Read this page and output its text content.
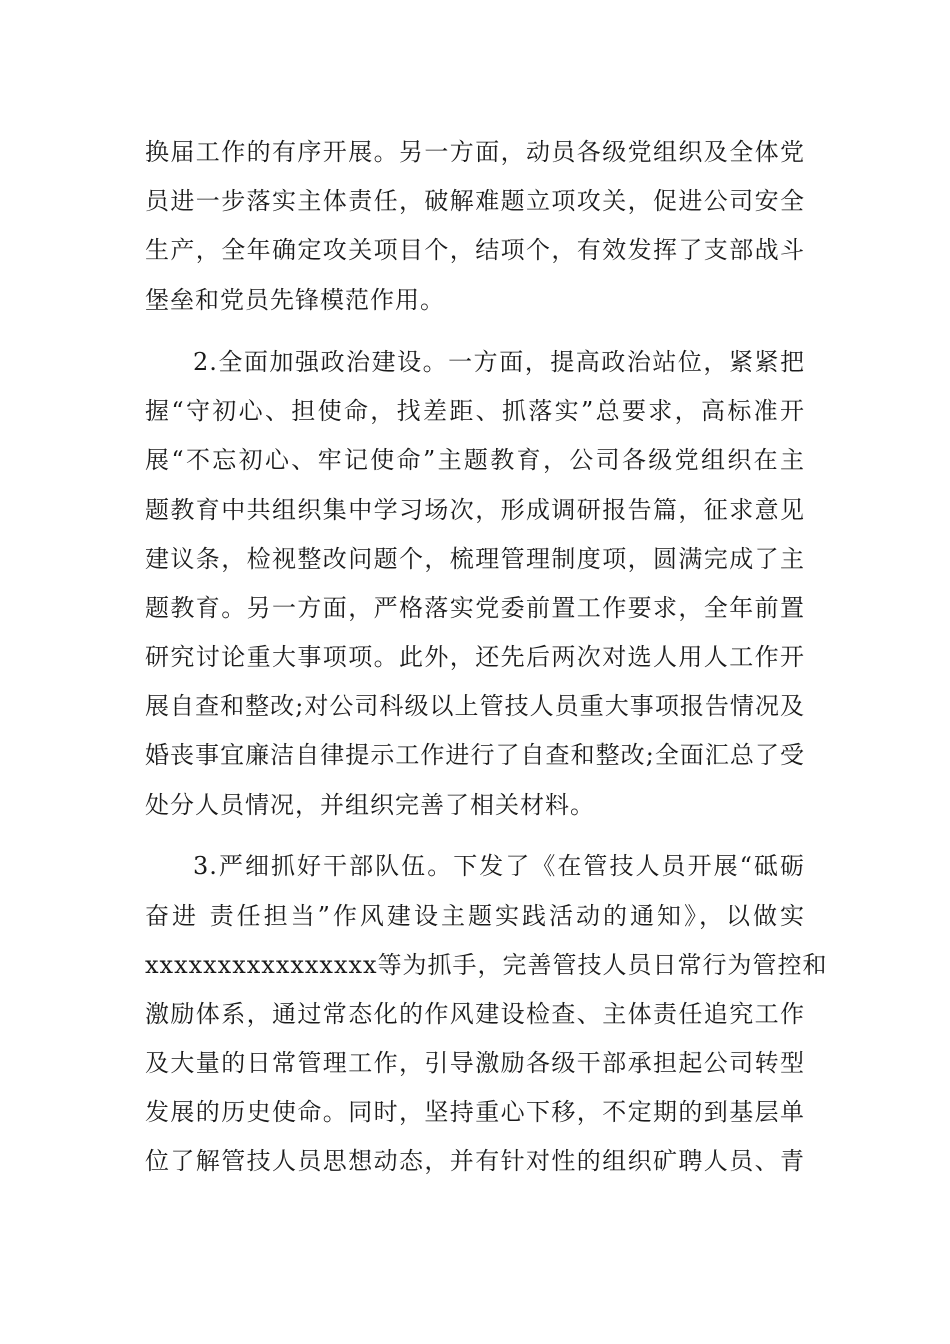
换届工作的有序开展。另一方面，动员各级党组织及全体党
员进一步落实主体责任，破解难题立项攻关，促进公司安全
生产，全年确定攻关项目个，结项个，有效发挥了支部战斗
堡垒和党员先锋模范作用。
2.全面加强政治建设。一方面，提高政治站位，紧紧把
握“守初心、担使命，找差距、抓落实”总要求，高标准开
展“不忘初心、牢记使命”主题教育，公司各级党组织在主
题教育中共组织集中学习场次，形成调研报告篇，征求意见
建议条，检视整改问题个，梳理管理制度项，圆满完成了主
题教育。另一方面，严格落实党委前置工作要求，全年前置
研究讨论重大事项项。此外，还先后两次对选人用人工作开
展自查和整改;对公司科级以上管技人员重大事项报告情况及
婚丧事宜廉洁自律提示工作进行了自查和整改;全面汇总了受
处分人员情况，并组织完善了相关材料。
3.严细抓好干部队伍。下发了《在管技人员开展“砥砺
奋进 责任担当”作风建设主题实践活动的通知》，以做实
xxxxxxxxxxxxxxxx等为抓手，完善管技人员日常行为管控和
激励体系，通过常态化的作风建设检查、主体责任追究工作
及大量的日常管理工作，引导激励各级干部承担起公司转型
发展的历史使命。同时，坚持重心下移，不定期的到基层单
位了解管技人员思想动态，并有针对性的组织矿聘人员、青
